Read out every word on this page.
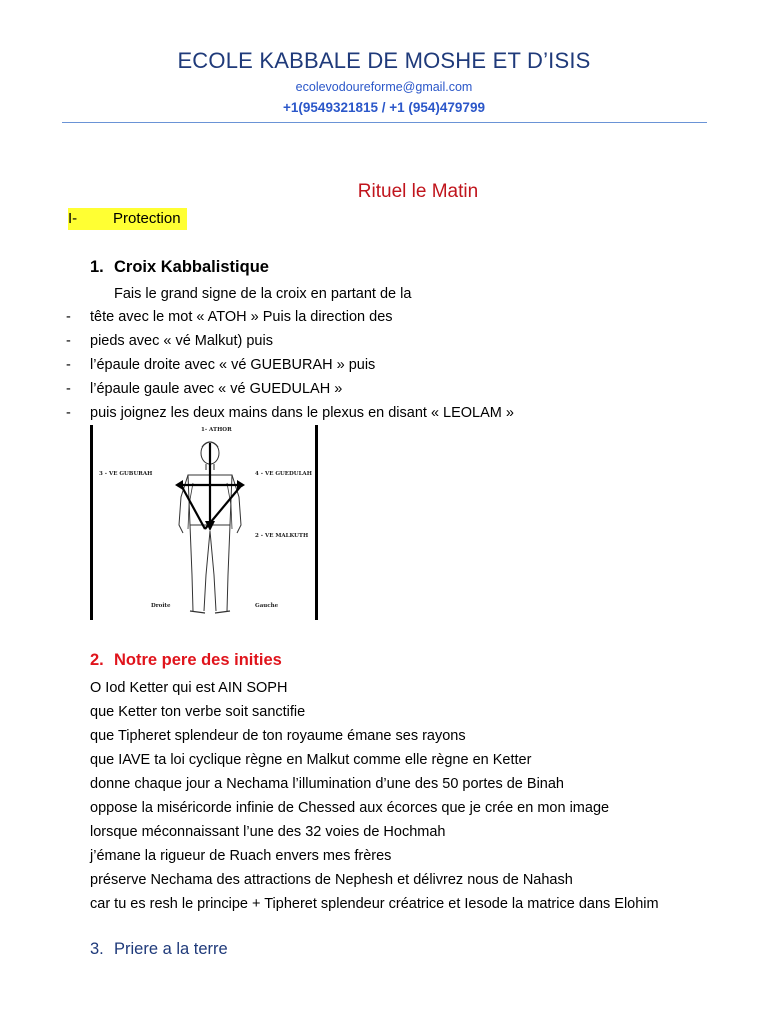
ECOLE KABBALE DE MOSHE ET D’ISIS
ecolevodoureforme@gmail.com
+1(9549321815 / +1 (954)479799
Rituel le Matin
I- Protection
1. Croix Kabbalistique
Fais le grand signe de la croix en partant de la
- tête avec le mot « ATOH » Puis la direction des
- pieds avec « vé Malkut) puis
- l’épaule droite avec « vé GUEBURAH » puis
- l’épaule gaule avec « vé GUEDULAH »
- puis joignez les deux mains dans le plexus en disant « LEOLAM »
1- ATHOR
3 - VE GUBURAH	4 - VE GUEDULAH
2 - VE MALKUTH
Droite	Gauche
2. Notre pere des inities
O Iod Ketter qui est AIN SOPH
que Ketter ton verbe soit sanctifie
que Tipheret splendeur de ton royaume émane ses rayons
que IAVE ta loi cyclique règne en Malkut comme elle règne en Ketter
donne chaque jour a Nechama l’illumination d’une des 50 portes de Binah
oppose la miséricorde infinie de Chessed aux écorces que je crée en mon image
lorsque méconnaissant l’une des 32 voies de Hochmah
j’émane la rigueur de Ruach envers mes frères
préserve Nechama des attractions de Nephesh et délivrez nous de Nahash
car tu es resh le principe + Tipheret splendeur créatrice et Iesode la matrice dans Elohim
3. Priere a la terre
